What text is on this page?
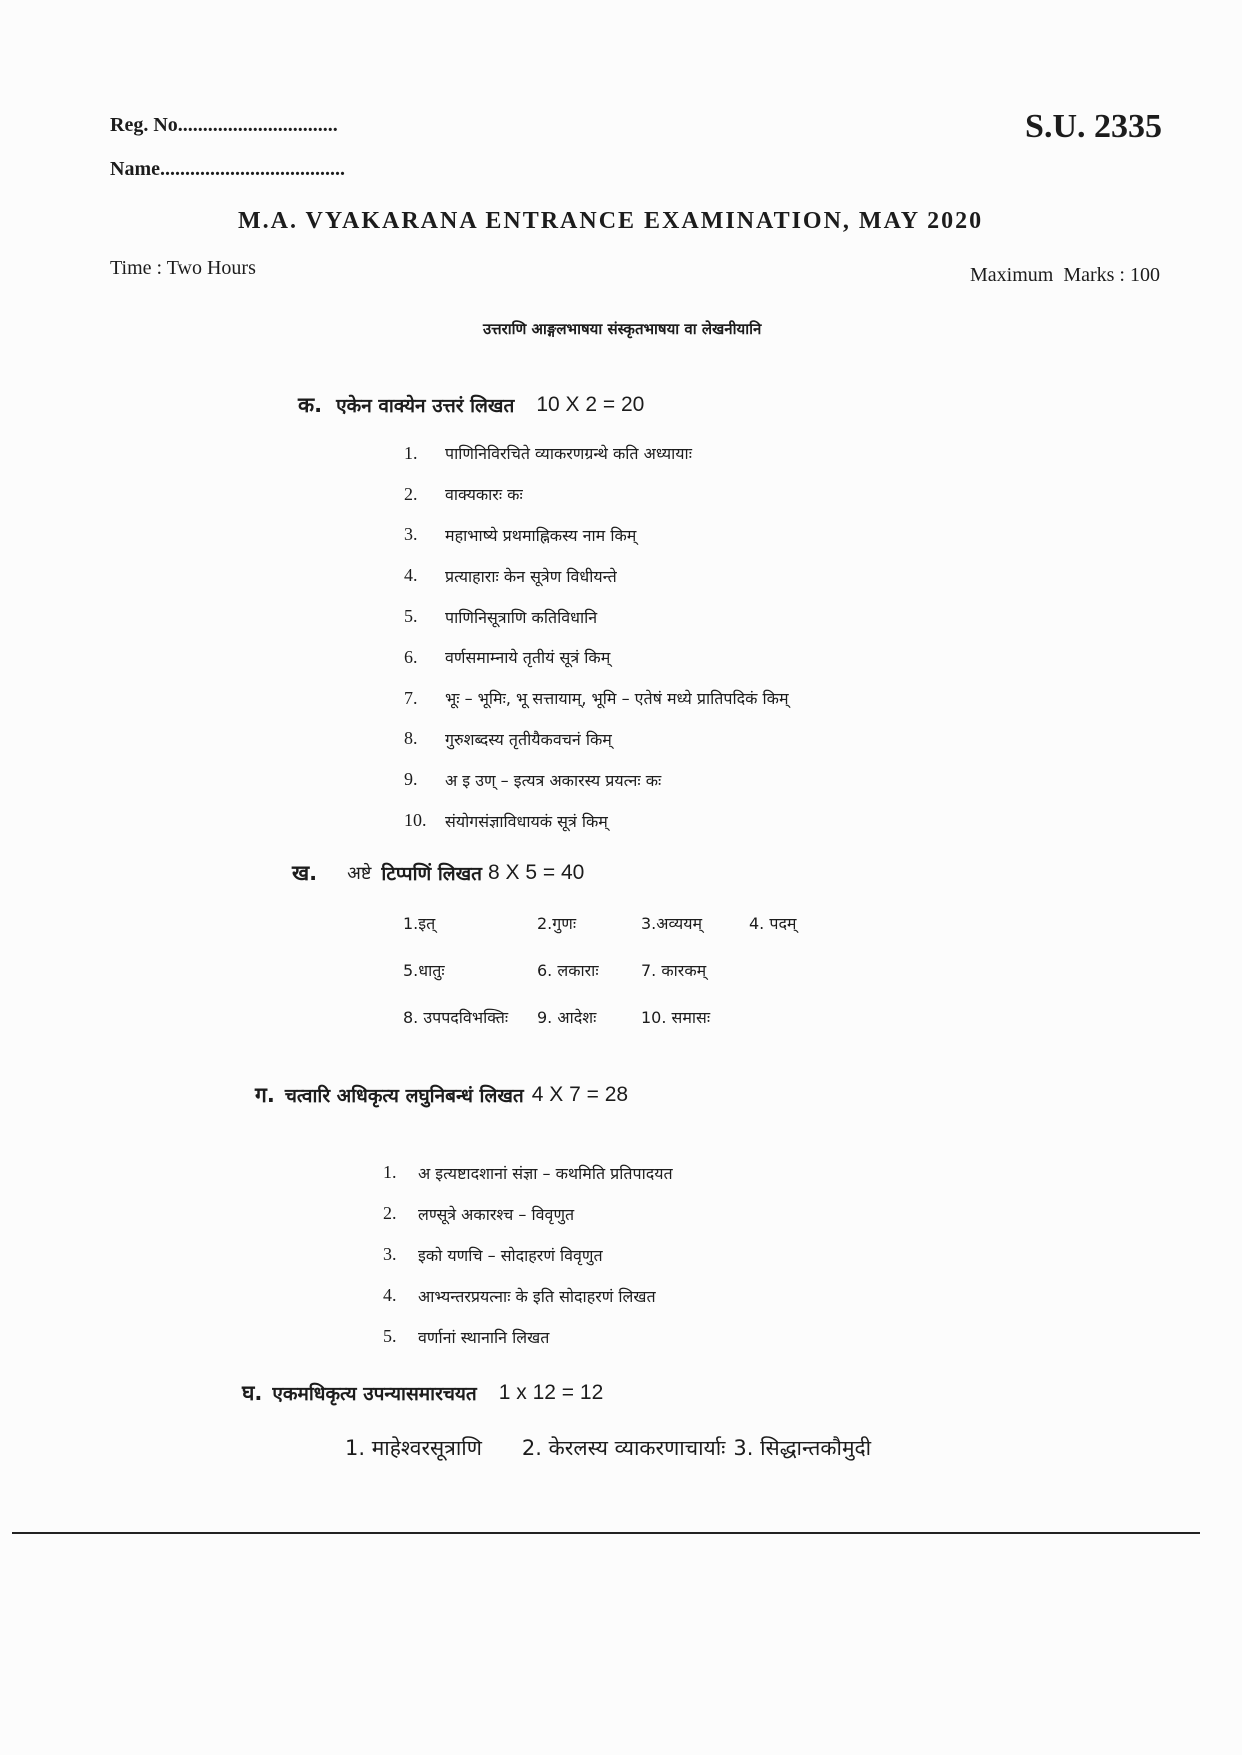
Reg. No................................
Name.....................................
S.U. 2335
M.A. VYAKARANA ENTRANCE EXAMINATION, MAY 2020
Time : Two Hours	Maximum  Marks : 100
उत्तराणि आङ्गलभाषया संस्कृतभाषया वा लेखनीयानि
क. एकेन वाक्येन उत्तरं लिखत 10 X 2 = 20
1.	पाणिनिविरचिते व्याकरणग्रन्थे कति अध्यायाः
2.	वाक्यकारः कः
3.	महाभाष्ये प्रथमाह्निकस्य नाम किम्
4.	प्रत्याहाराः केन सूत्रेण विधीयन्ते
5.	पाणिनिसूत्राणि कतिविधानि
6.	वर्णसमाम्नाये तृतीयं सूत्रं किम्
7.	भूः – भूमिः, भू सत्तायाम्, भूमि – एतेषं मध्ये प्रातिपदिकं किम्
8.	गुरुशब्दस्य तृतीयैकवचनं किम्
9.	अ इ उण् – इत्यत्र अकारस्य प्रयत्नः कः
10.	संयोगसंज्ञाविधायकं सूत्रं किम्
ख. अष्टे टिप्पणिं लिखत 8 X 5 = 40
1.इत्	2.गुणः	3.अव्ययम्	4. पदम्
5.धातुः	6. लकाराः	7. कारकम्
8. उपपदविभक्तिः	9. आदेशः	10. समासः
ग. चत्वारि अधिकृत्य लघुनिबन्धं लिखत 4 X 7 = 28
1.	अ इत्यष्टादशानां संज्ञा – कथमिति प्रतिपादयत
2.	लण्सूत्रे अकारश्च – विवृणुत
3.	इको यणचि – सोदाहरणं विवृणुत
4.	आभ्यन्तरप्रयत्नाः के इति सोदाहरणं लिखत
5.	वर्णानां स्थानानि लिखत
घ. एकमधिकृत्य उपन्यासमारचयत 1 x 12 = 12
1. माहेश्वरसूत्राणि 2. केरलस्य व्याकरणाचार्याः 3. सिद्धान्तकौमुदी
